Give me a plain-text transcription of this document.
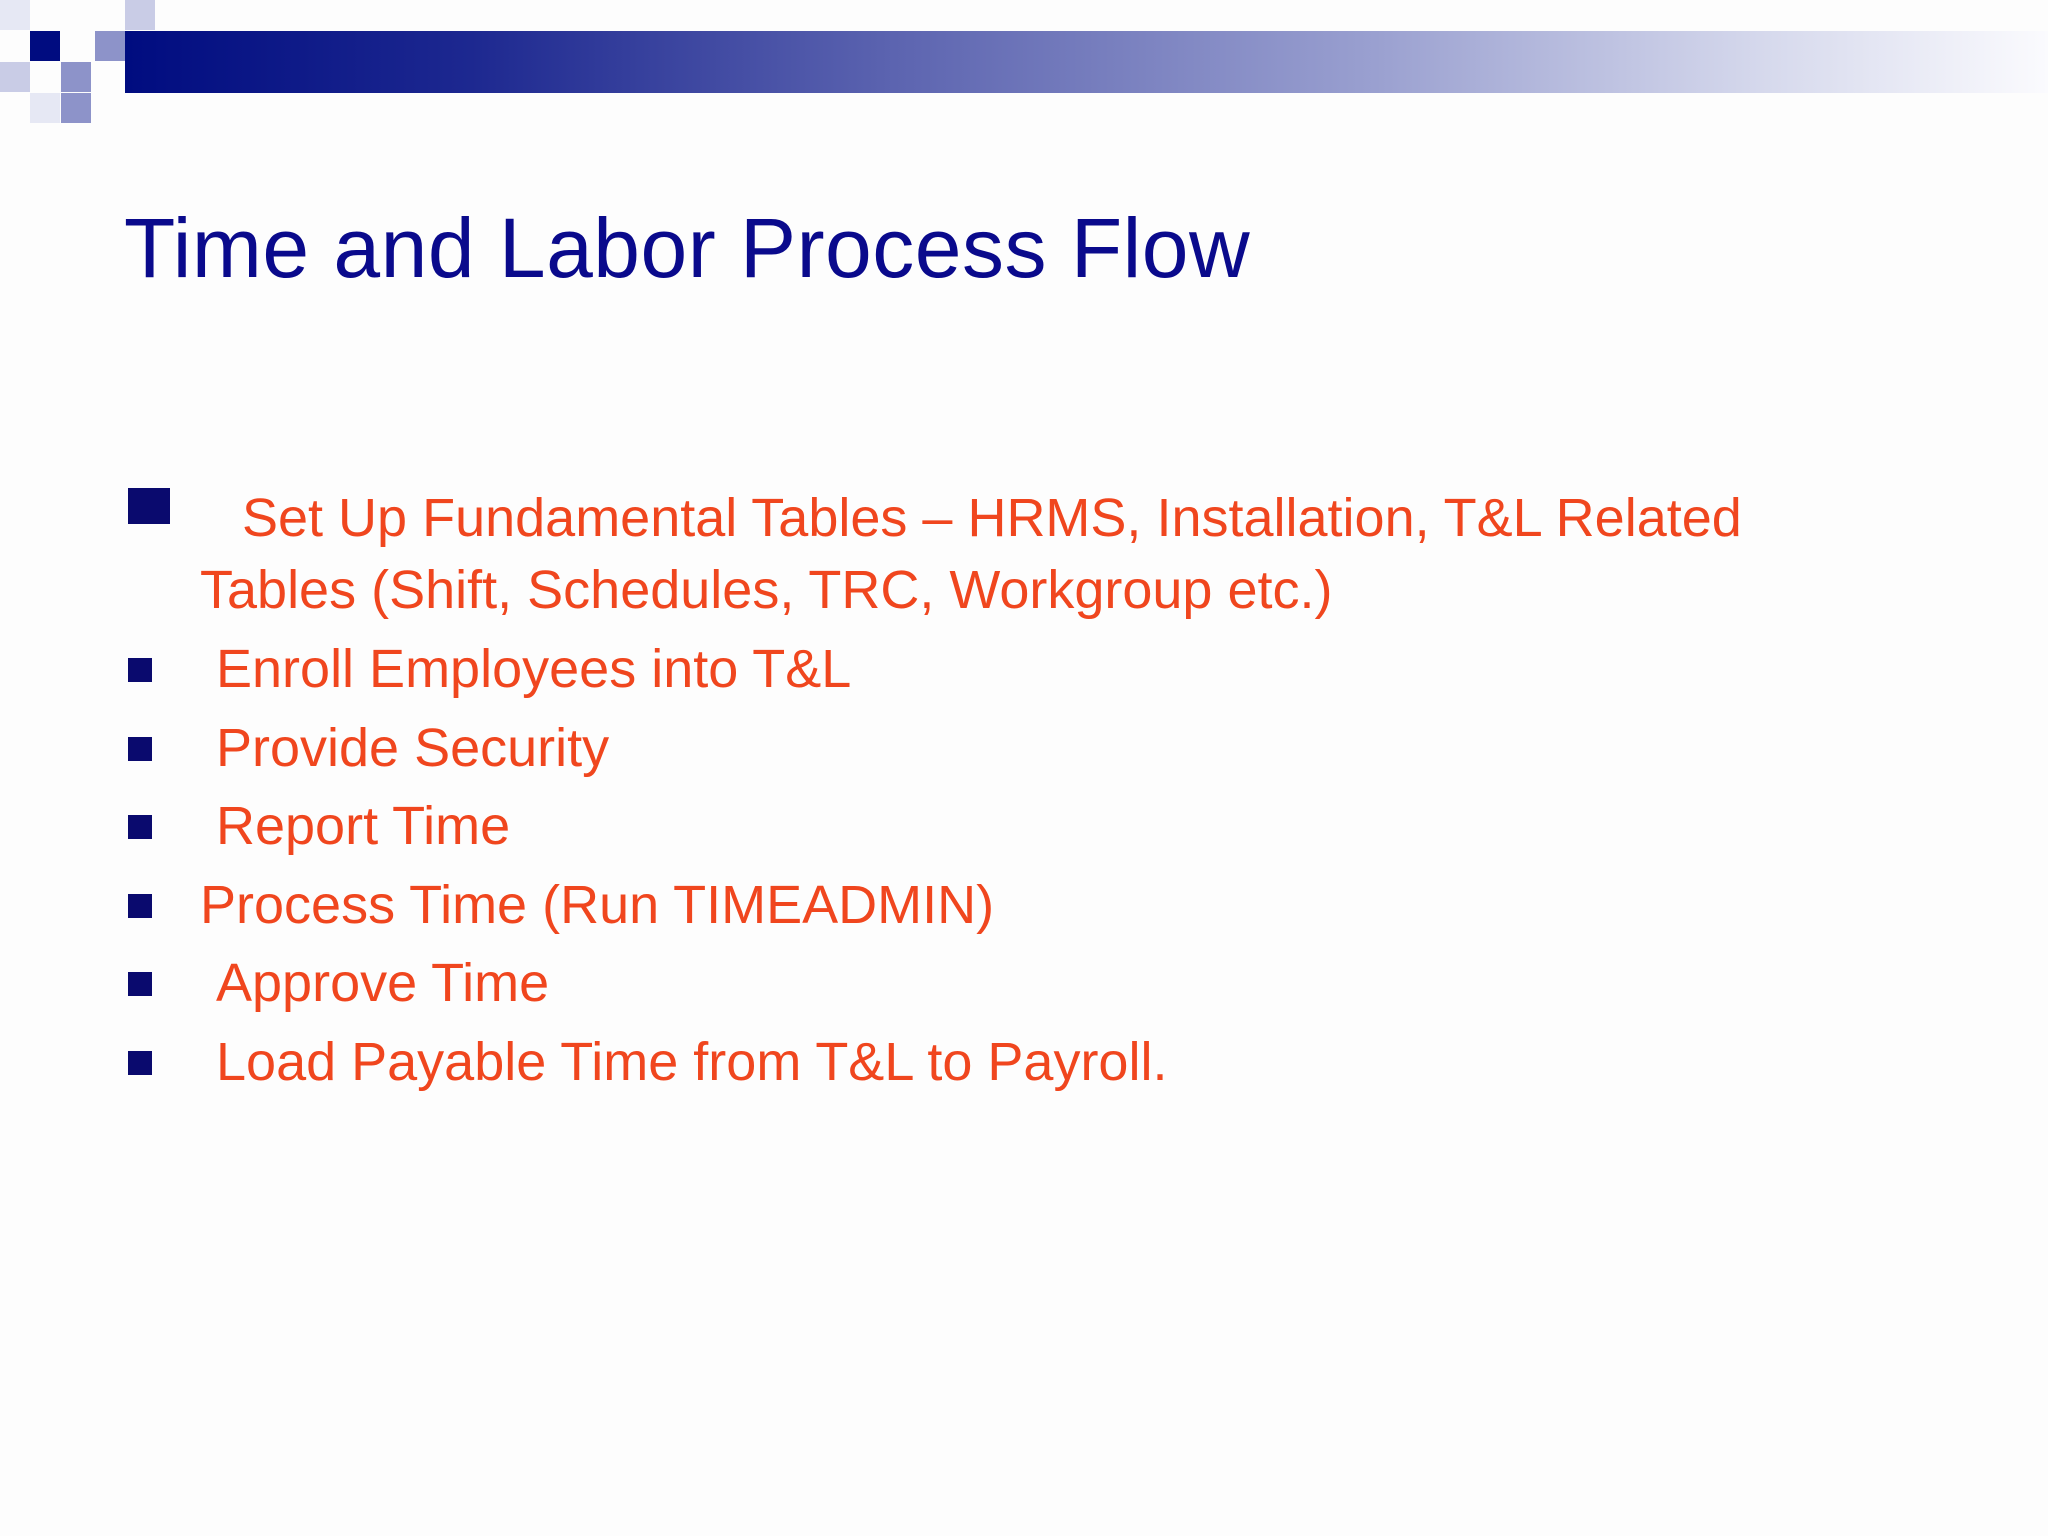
Time and Labor Process Flow
Set Up Fundamental Tables – HRMS, Installation, T&L Related
Tables (Shift, Schedules, TRC, Workgroup etc.)
Enroll Employees into T&L
Provide Security
Report Time
Process Time (Run TIMEADMIN)
Approve Time
Load Payable Time from T&L to Payroll.
